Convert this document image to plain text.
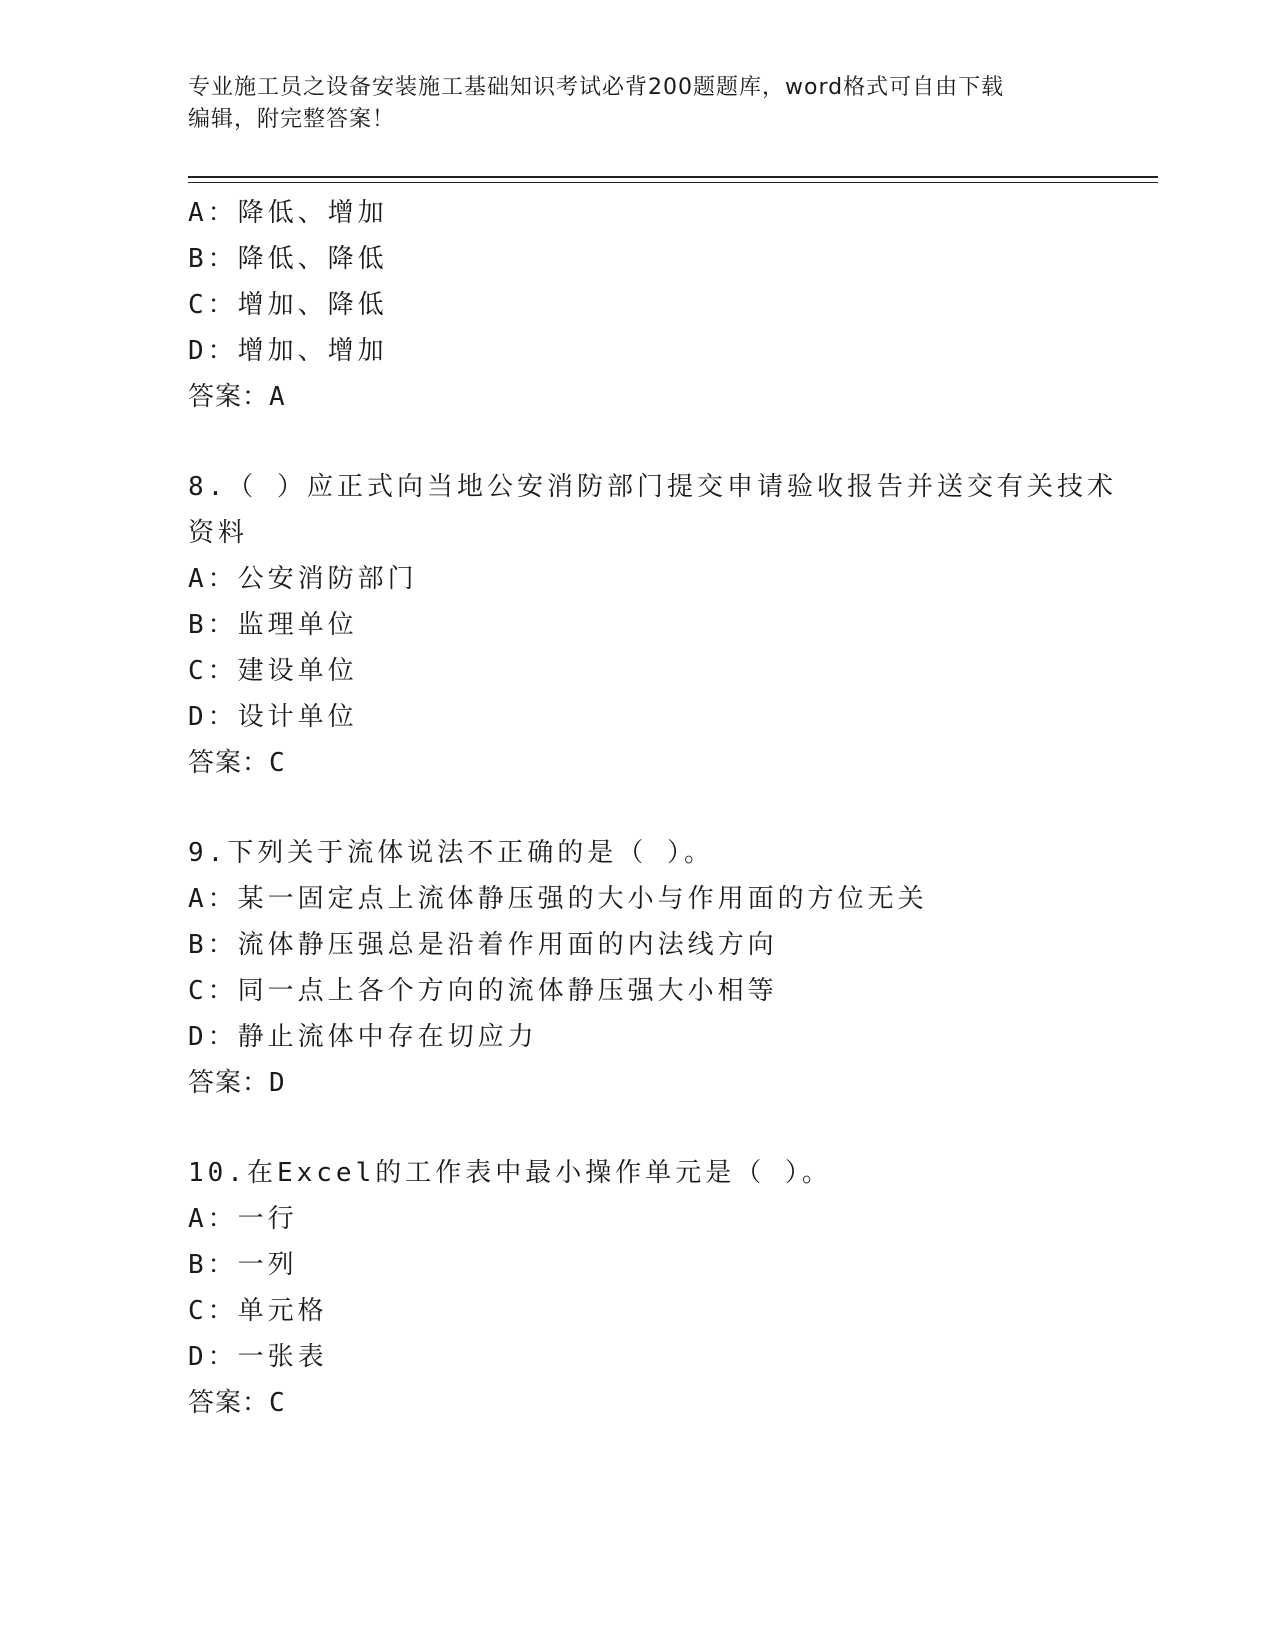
专业施工员之设备安装施工基础知识考试必背200题题库，word格式可自由下载
编辑，附完整答案！
A：降低、增加
B：降低、降低
C：增加、降低
D：增加、增加
答案：A
8.（ ）应正式向当地公安消防部门提交申请验收报告并送交有关技术
资料
A：公安消防部门
B：监理单位
C：建设单位
D：设计单位
答案：C
9.下列关于流体说法不正确的是（ ）。
A：某一固定点上流体静压强的大小与作用面的方位无关
B：流体静压强总是沿着作用面的内法线方向
C：同一点上各个方向的流体静压强大小相等
D：静止流体中存在切应力
答案：D
10.在Excel的工作表中最小操作单元是（ ）。
A：一行
B：一列
C：单元格
D：一张表
答案：C
